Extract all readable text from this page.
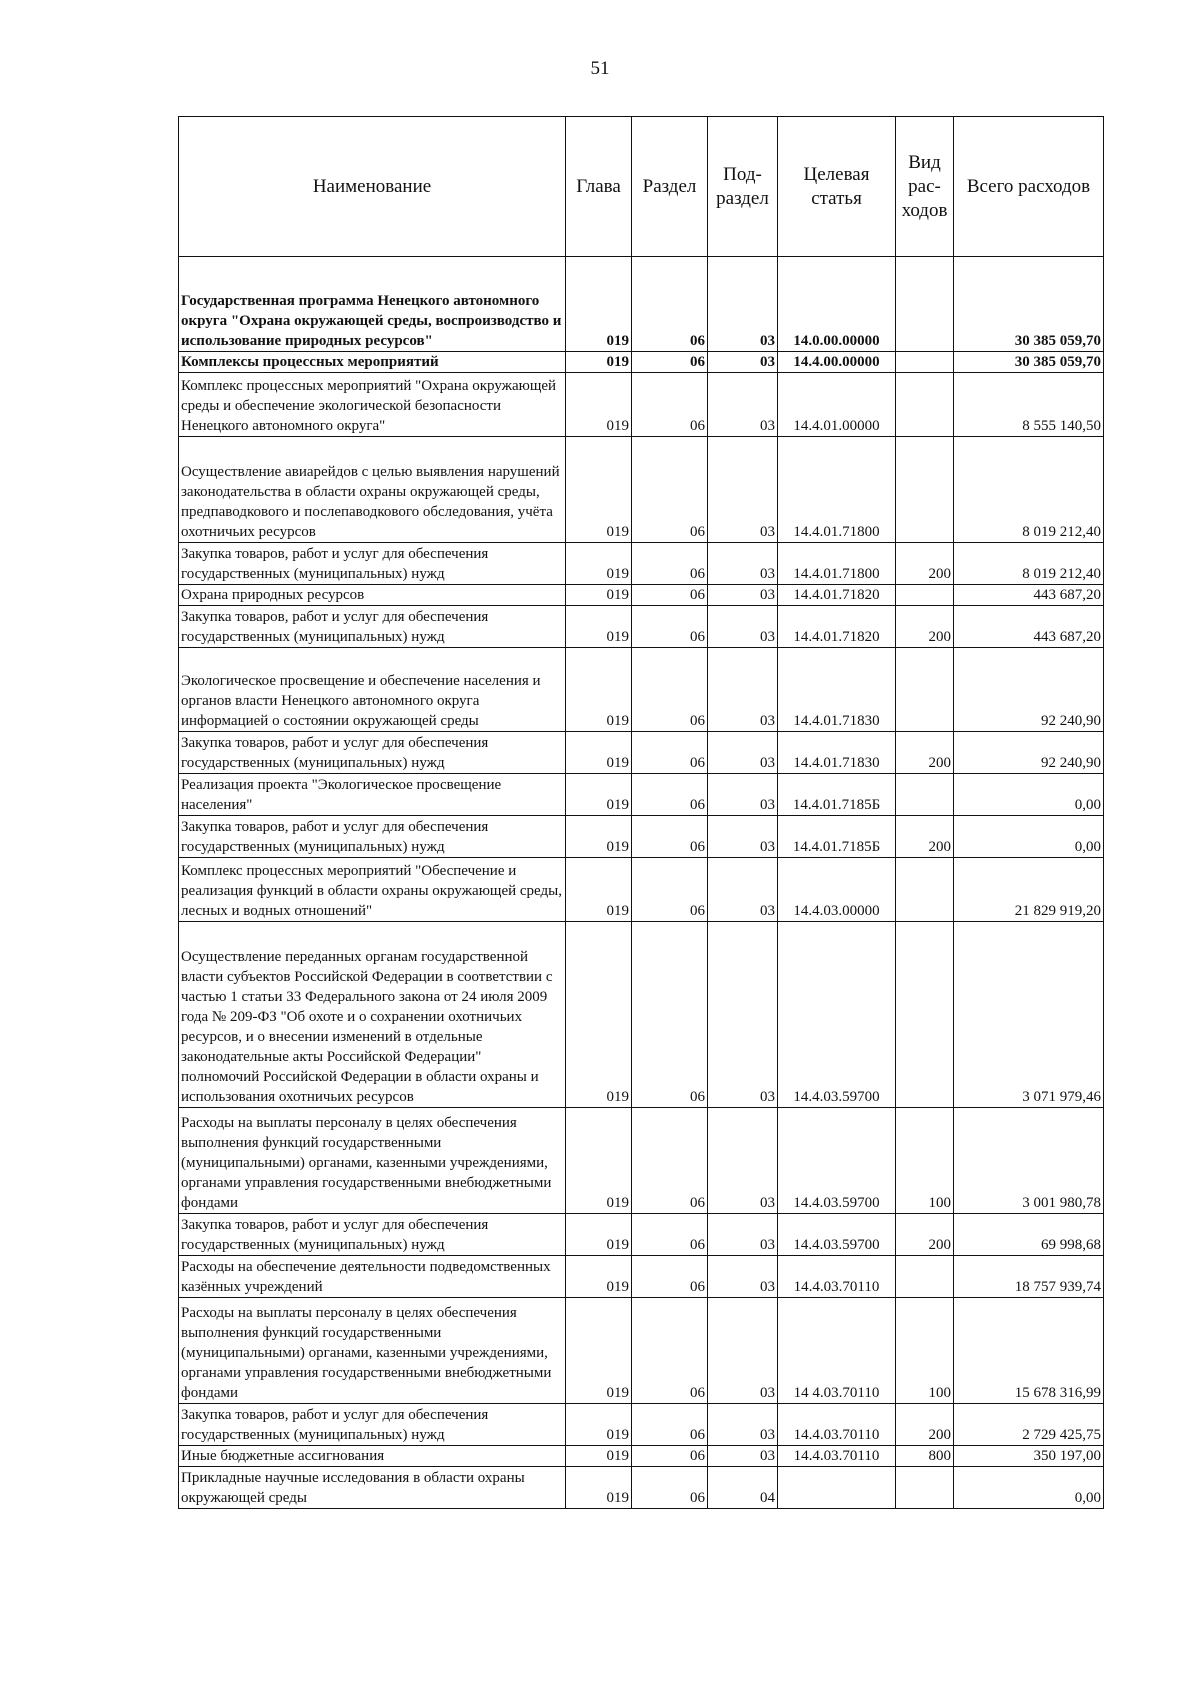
51
Наименование	Глава	Раздел	Под- раздел	Целевая статья	Вид рас- ходов	Всего расходов
Государственная программа Ненецкого автономного округа "Охрана окружающей среды, воспроизводство и использование природных ресурсов"	019	06	03	14.0.00.00000		30 385 059,70
Комплексы процессных мероприятий	019	06	03	14.4.00.00000		30 385 059,70
Комплекс процессных мероприятий "Охрана окружающей среды и обеспечение экологической безопасности Ненецкого автономного округа"	019	06	03	14.4.01.00000		8 555 140,50
Осуществление авиарейдов с целью выявления нарушений законодательства в области охраны окружающей среды, предпаводкового и послепаводкового обследования, учёта охотничьих ресурсов	019	06	03	14.4.01.71800		8 019 212,40
Закупка товаров, работ и услуг для обеспечения государственных (муниципальных) нужд	019	06	03	14.4.01.71800	200	8 019 212,40
Охрана природных ресурсов	019	06	03	14.4.01.71820		443 687,20
Закупка товаров, работ и услуг для обеспечения государственных (муниципальных) нужд	019	06	03	14.4.01.71820	200	443 687,20
Экологическое просвещение и обеспечение населения и органов власти Ненецкого автономного округа информацией о состоянии окружающей среды	019	06	03	14.4.01.71830		92 240,90
Закупка товаров, работ и услуг для обеспечения государственных (муниципальных) нужд	019	06	03	14.4.01.71830	200	92 240,90
Реализация проекта "Экологическое просвещение населения"	019	06	03	14.4.01.7185Б		0,00
Закупка товаров, работ и услуг для обеспечения государственных (муниципальных) нужд	019	06	03	14.4.01.7185Б	200	0,00
Комплекс процессных мероприятий "Обеспечение и реализация функций в области охраны окружающей среды, лесных и водных отношений"	019	06	03	14.4.03.00000		21 829 919,20
Осуществление переданных органам государственной власти субъектов Российской Федерации в соответствии с частью 1 статьи 33 Федерального закона от 24 июля 2009 года № 209-ФЗ "Об охоте и о сохранении охотничьих ресурсов, и о внесении изменений в отдельные законодательные акты Российской Федерации" полномочий Российской Федерации в области охраны и использования охотничьих ресурсов	019	06	03	14.4.03.59700		3 071 979,46
Расходы на выплаты персоналу в целях обеспечения выполнения функций государственными (муниципальными) органами, казенными учреждениями, органами управления государственными внебюджетными фондами	019	06	03	14.4.03.59700	100	3 001 980,78
Закупка товаров, работ и услуг для обеспечения государственных (муниципальных) нужд	019	06	03	14.4.03.59700	200	69 998,68
Расходы на обеспечение деятельности подведомственных казённых учреждений	019	06	03	14.4.03.70110		18 757 939,74
Расходы на выплаты персоналу в целях обеспечения выполнения функций государственными (муниципальными) органами, казенными учреждениями, органами управления государственными внебюджетными фондами	019	06	03	14 4.03.70110	100	15 678 316,99
Закупка товаров, работ и услуг для обеспечения государственных (муниципальных) нужд	019	06	03	14.4.03.70110	200	2 729 425,75
Иные бюджетные ассигнования	019	06	03	14.4.03.70110	800	350 197,00
Прикладные научные исследования в области охраны окружающей среды	019	06	04			0,00
